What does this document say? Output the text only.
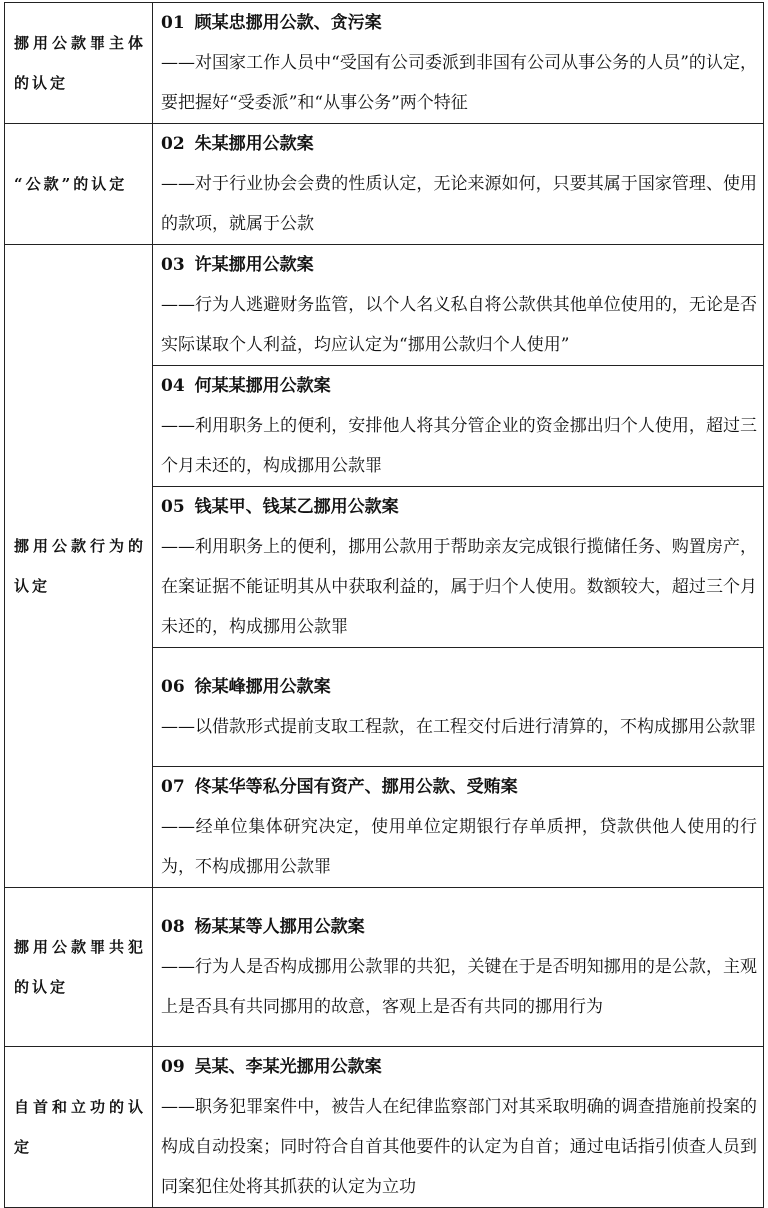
挪用公款罪主体的认定	01 顾某忠挪用公款、贪污案
——对国家工作人员中“受国有公司委派到非国有公司从事公务的人员”的认定，要把握好“受委派”和“从事公务”两个特征

“公款”的认定	02 朱某挪用公款案
——对于行业协会会费的性质认定，无论来源如何，只要其属于国家管理、使用的款项，就属于公款

挪用公款行为的认定	03 许某挪用公款案
——行为人逃避财务监管，以个人名义私自将公款供其他单位使用的，无论是否实际谋取个人利益，均应认定为“挪用公款归个人使用”

	04 何某某挪用公款案
——利用职务上的便利，安排他人将其分管企业的资金挪出归个人使用，超过三个月未还的，构成挪用公款罪

	05 钱某甲、钱某乙挪用公款案
——利用职务上的便利，挪用公款用于帮助亲友完成银行揽储任务、购置房产，在案证据不能证明其从中获取利益的，属于归个人使用。数额较大，超过三个月未还的，构成挪用公款罪

	06 徐某峰挪用公款案
——以借款形式提前支取工程款，在工程交付后进行清算的，不构成挪用公款罪

	07 佟某华等私分国有资产、挪用公款、受贿案
——经单位集体研究决定，使用单位定期银行存单质押，贷款供他人使用的行为，不构成挪用公款罪

挪用公款罪共犯的认定	08 杨某某等人挪用公款案
——行为人是否构成挪用公款罪的共犯，关键在于是否明知挪用的是公款，主观上是否具有共同挪用的故意，客观上是否有共同的挪用行为

自首和立功的认定	09 吴某、李某光挪用公款案
——职务犯罪案件中，被告人在纪律监察部门对其采取明确的调查措施前投案的构成自动投案；同时符合自首其他要件的认定为自首；通过电话指引侦查人员到同案犯住处将其抓获的认定为立功
